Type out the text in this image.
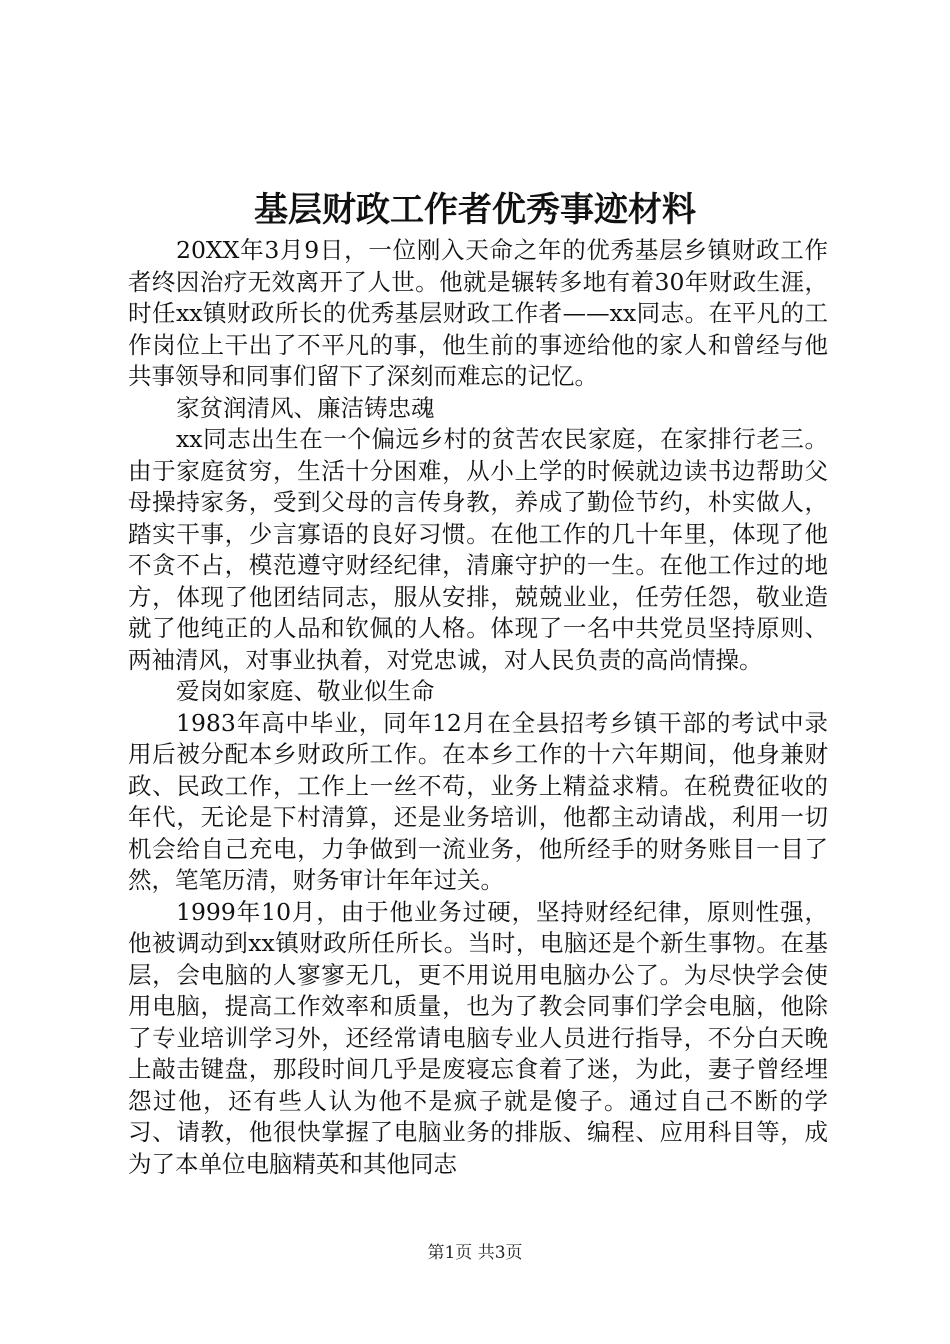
基层财政工作者优秀事迹材料

20XX年3月9日，一位刚入天命之年的优秀基层乡镇财政工作者终因治疗无效离开了人世。他就是辗转多地有着30年财政生涯，时任xx镇财政所长的优秀基层财政工作者——xx同志。在平凡的工作岗位上干出了不平凡的事，他生前的事迹给他的家人和曾经与他共事领导和同事们留下了深刻而难忘的记忆。

家贫润清风、廉洁铸忠魂

xx同志出生在一个偏远乡村的贫苦农民家庭，在家排行老三。由于家庭贫穷，生活十分困难，从小上学的时候就边读书边帮助父母操持家务，受到父母的言传身教，养成了勤俭节约，朴实做人，踏实干事，少言寡语的良好习惯。在他工作的几十年里，体现了他不贪不占，模范遵守财经纪律，清廉守护的一生。在他工作过的地方，体现了他团结同志，服从安排，兢兢业业，任劳任怨，敬业造就了他纯正的人品和钦佩的人格。体现了一名中共党员坚持原则、两袖清风，对事业执着，对党忠诚，对人民负责的高尚情操。

爱岗如家庭、敬业似生命

1983年高中毕业，同年12月在全县招考乡镇干部的考试中录用后被分配本乡财政所工作。在本乡工作的十六年期间，他身兼财政、民政工作，工作上一丝不苟，业务上精益求精。在税费征收的年代，无论是下村清算，还是业务培训，他都主动请战，利用一切机会给自己充电，力争做到一流业务，他所经手的财务账目一目了然，笔笔历清，财务审计年年过关。

1999年10月，由于他业务过硬，坚持财经纪律，原则性强，他被调动到xx镇财政所任所长。当时，电脑还是个新生事物。在基层，会电脑的人寥寥无几，更不用说用电脑办公了。为尽快学会使用电脑，提高工作效率和质量，也为了教会同事们学会电脑，他除了专业培训学习外，还经常请电脑专业人员进行指导，不分白天晚上敲击键盘，那段时间几乎是废寝忘食着了迷，为此，妻子曾经埋怨过他，还有些人认为他不是疯子就是傻子。通过自己不断的学习、请教，他很快掌握了电脑业务的排版、编程、应用科目等，成为了本单位电脑精英和其他同志

第1页 共3页
